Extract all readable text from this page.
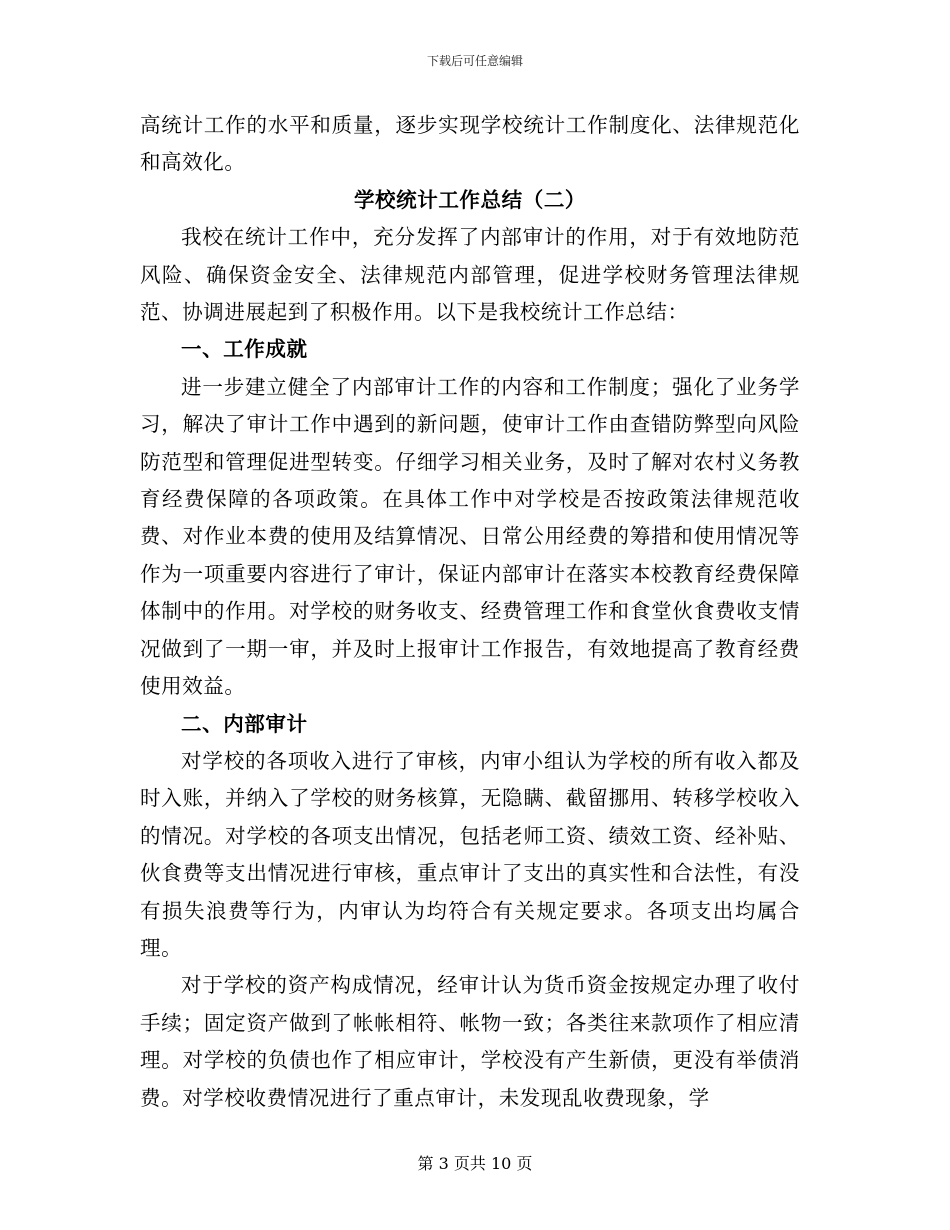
下载后可任意编辑

高统计工作的水平和质量，逐步实现学校统计工作制度化、法律规范化和高效化。

学校统计工作总结（二）

我校在统计工作中，充分发挥了内部审计的作用，对于有效地防范风险、确保资金安全、法律规范内部管理，促进学校财务管理法律规范、协调进展起到了积极作用。以下是我校统计工作总结：

一、工作成就

进一步建立健全了内部审计工作的内容和工作制度；强化了业务学习，解决了审计工作中遇到的新问题，使审计工作由查错防弊型向风险防范型和管理促进型转变。仔细学习相关业务，及时了解对农村义务教育经费保障的各项政策。在具体工作中对学校是否按政策法律规范收费、对作业本费的使用及结算情况、日常公用经费的筹措和使用情况等作为一项重要内容进行了审计，保证内部审计在落实本校教育经费保障体制中的作用。对学校的财务收支、经费管理工作和食堂伙食费收支情况做到了一期一审，并及时上报审计工作报告，有效地提高了教育经费使用效益。

二、内部审计

对学校的各项收入进行了审核，内审小组认为学校的所有收入都及时入账，并纳入了学校的财务核算，无隐瞒、截留挪用、转移学校收入的情况。对学校的各项支出情况，包括老师工资、绩效工资、经补贴、伙食费等支出情况进行审核，重点审计了支出的真实性和合法性，有没有损失浪费等行为，内审认为均符合有关规定要求。各项支出均属合理。

对于学校的资产构成情况，经审计认为货币资金按规定办理了收付手续；固定资产做到了帐帐相符、帐物一致；各类往来款项作了相应清理。对学校的负债也作了相应审计，学校没有产生新债，更没有举债消费。对学校收费情况进行了重点审计，未发现乱收费现象，学

第 3 页共 10 页
